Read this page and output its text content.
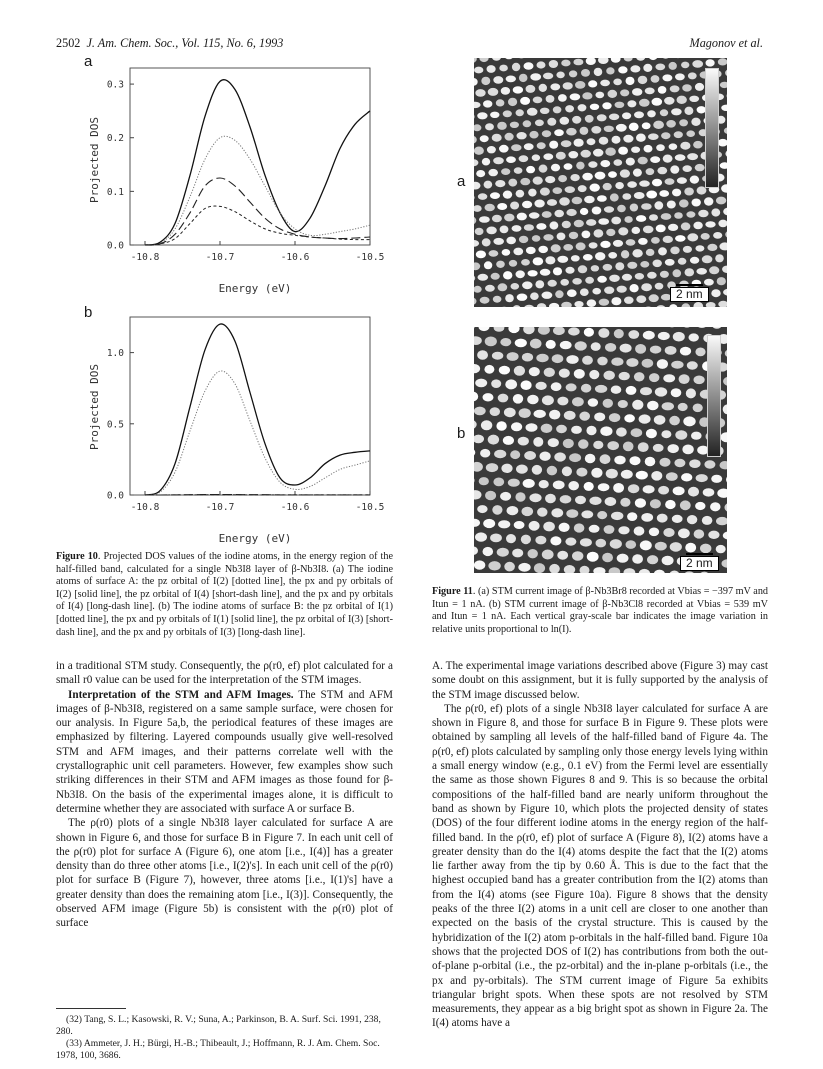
2502 J. Am. Chem. Soc., Vol. 115, No. 6, 1993	Magonov et al.
a
b
0.3
0.2
0.1
0.0
-10.8	-10.7	-10.6	-10.5
Projected DOS
Energy (eV)
1.0
0.5
0.0
-10.8	-10.7	-10.6	-10.5
Projected DOS
Energy (eV)
Figure 10. Projected DOS values of the iodine atoms, in the energy region of the half-filled band, calculated for a single Nb3I8 layer of β-Nb3I8. (a) The iodine atoms of surface A: the pz orbital of I(2) [dotted line], the px and py orbitals of I(2) [solid line], the pz orbital of I(4) [short-dash line], and the px and py orbitals of I(4) [long-dash line]. (b) The iodine atoms of surface B: the pz orbital of I(1) [dotted line], the px and py orbitals of I(1) [solid line], the pz orbital of I(3) [short-dash line], and the px and py orbitals of I(3) [long-dash line].
a
b
2 nm
2 nm
Figure 11. (a) STM current image of β-Nb3Br8 recorded at Vbias = −397 mV and Itun = 1 nA. (b) STM current image of β-Nb3Cl8 recorded at Vbias = 539 mV and Itun = 1 nA. Each vertical gray-scale bar indicates the image variation in relative units proportional to ln(I).

in a traditional STM study. Consequently, the ρ(r0, ef) plot calculated for a small r0 value can be used for the interpretation of the STM images.

Interpretation of the STM and AFM Images. The STM and AFM images of β-Nb3I8, registered on a same sample surface, were chosen for our analysis. In Figure 5a,b, the periodical features of these images are emphasized by filtering. Layered compounds usually give well-resolved STM and AFM images, and their patterns correlate well with the crystallographic unit cell parameters. However, few examples show such striking differences in their STM and AFM images as those found for β-Nb3I8. On the basis of the experimental images alone, it is difficult to determine whether they are associated with surface A or surface B.

The ρ(r0) plots of a single Nb3I8 layer calculated for surface A are shown in Figure 6, and those for surface B in Figure 7. In each unit cell of the ρ(r0) plot for surface A (Figure 6), one atom [i.e., I(4)] has a greater density than do three other atoms [i.e., I(2)'s]. In each unit cell of the ρ(r0) plot for surface B (Figure 7), however, three atoms [i.e., I(1)'s] have a greater density than does the remaining atom [i.e., I(3)]. Consequently, the observed AFM image (Figure 5b) is consistent with the ρ(r0) plot of surface

(32) Tang, S. L.; Kasowski, R. V.; Suna, A.; Parkinson, B. A. Surf. Sci. 1991, 238, 280.

(33) Ammeter, J. H.; Bürgi, H.-B.; Thibeault, J.; Hoffmann, R. J. Am. Chem. Soc. 1978, 100, 3686.

A. The experimental image variations described above (Figure 3) may cast some doubt on this assignment, but it is fully supported by the analysis of the STM image discussed below.

The ρ(r0, ef) plots of a single Nb3I8 layer calculated for surface A are shown in Figure 8, and those for surface B in Figure 9. These plots were obtained by sampling all levels of the half-filled band of Figure 4a. The ρ(r0, ef) plots calculated by sampling only those energy levels lying within a small energy window (e.g., 0.1 eV) from the Fermi level are essentially the same as those shown Figures 8 and 9. This is so because the orbital compositions of the half-filled band are nearly uniform throughout the band as shown by Figure 10, which plots the projected density of states (DOS) of the four different iodine atoms in the energy region of the half-filled band. In the ρ(r0, ef) plot of surface A (Figure 8), I(2) atoms have a greater density than do the I(4) atoms despite the fact that the I(2) atoms lie farther away from the tip by 0.60 Å. This is due to the fact that the highest occupied band has a greater contribution from the I(2) atoms than from the I(4) atoms (see Figure 10a). Figure 8 shows that the density peaks of the three I(2) atoms in a unit cell are closer to one another than expected on the basis of the crystal structure. This is caused by the hybridization of the I(2) atom p-orbitals in the half-filled band. Figure 10a shows that the projected DOS of I(2) has contributions from both the out-of-plane p-orbital (i.e., the pz-orbital) and the in-plane p-orbitals (i.e., the px and py-orbitals). The STM current image of Figure 5a exhibits triangular bright spots. When these spots are not resolved by STM measurements, they appear as a big bright spot as shown in Figure 2a. The I(4) atoms have a
